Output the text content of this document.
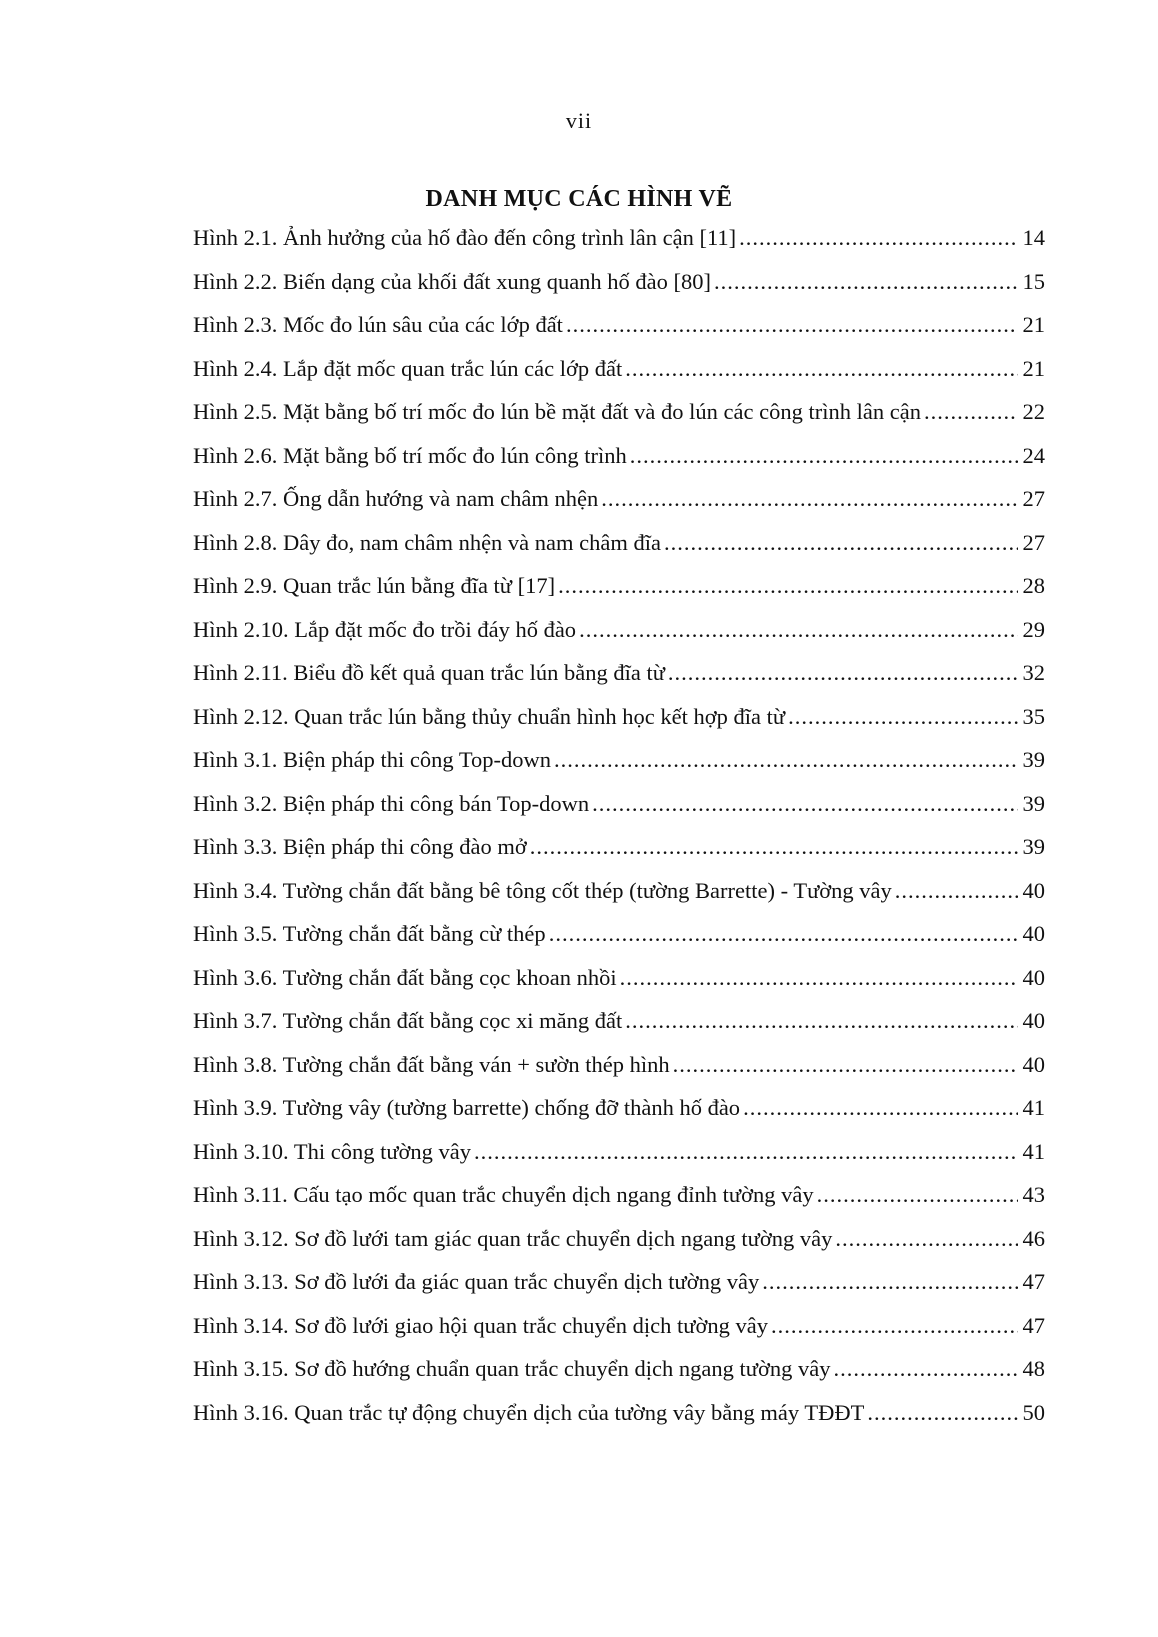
vii
DANH MỤC CÁC HÌNH VẼ
Hình 2.1. Ảnh hưởng của hố đào đến công trình lân cận [11] .....	14
Hình 2.2. Biến dạng của khối đất xung quanh hố đào [80] .....	15
Hình 2.3. Mốc đo lún sâu của các lớp đất .....	21
Hình 2.4. Lắp đặt mốc quan trắc lún các lớp đất .....	21
Hình 2.5. Mặt bằng bố trí mốc đo lún bề mặt đất và đo lún các công trình lân cận .....	22
Hình 2.6. Mặt bằng bố trí mốc đo lún công trình .....	24
Hình 2.7. Ống dẫn hướng và nam châm nhện .....	27
Hình 2.8. Dây đo, nam châm nhện và nam châm đĩa .....	27
Hình 2.9. Quan trắc lún bằng đĩa từ [17] .....	28
Hình 2.10. Lắp đặt mốc đo trồi đáy hố đào .....	29
Hình 2.11. Biểu đồ kết quả quan trắc lún bằng đĩa từ .....	32
Hình 2.12. Quan trắc lún bằng thủy chuẩn hình học kết hợp đĩa từ .....	35
Hình 3.1. Biện pháp thi công Top-down .....	39
Hình 3.2. Biện pháp thi công bán Top-down .....	39
Hình 3.3. Biện pháp thi công đào mở .....	39
Hình 3.4. Tường chắn đất bằng bê tông cốt thép (tường Barrette) - Tường vây .....	40
Hình 3.5. Tường chắn đất bằng cừ thép .....	40
Hình 3.6. Tường chắn đất bằng cọc khoan nhồi .....	40
Hình 3.7. Tường chắn đất bằng cọc xi măng đất .....	40
Hình 3.8. Tường chắn đất bằng ván + sườn thép hình .....	40
Hình 3.9. Tường vây (tường barrette) chống đỡ thành hố đào .....	41
Hình 3.10. Thi công tường vây .....	41
Hình 3.11. Cấu tạo mốc quan trắc chuyển dịch ngang đỉnh tường vây .....	43
Hình 3.12. Sơ đồ lưới tam giác quan trắc chuyển dịch ngang tường vây .....	46
Hình 3.13. Sơ đồ lưới đa giác quan trắc chuyển dịch tường vây .....	47
Hình 3.14. Sơ đồ lưới giao hội quan trắc chuyển dịch tường vây .....	47
Hình 3.15. Sơ đồ hướng chuẩn quan trắc chuyển dịch ngang tường vây .....	48
Hình 3.16. Quan trắc tự động chuyển dịch của tường vây bằng máy TĐĐT .....	50
